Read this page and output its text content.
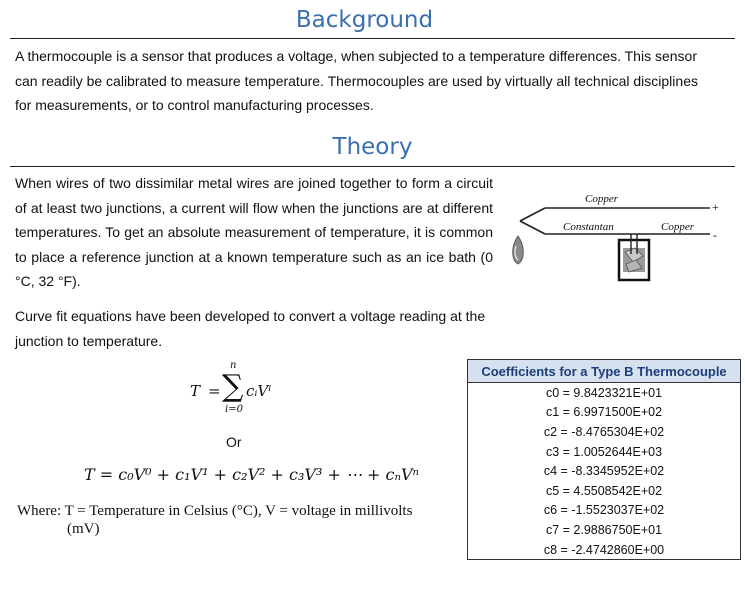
Background
A thermocouple is a sensor that produces a voltage, when subjected to a temperature differences. This sensor
can readily be calibrated to measure temperature. Thermocouples are used by virtually all technical disciplines
for measurements, or to control manufacturing processes.
Theory

When wires of two dissimilar metal wires are joined together to form a circuit of at least two junctions, a current will flow when the junctions are at different temperatures. To get an absolute measurement of temperature, it is common to place a reference junction at a known temperature such as an ice bath (0 °C, 32 °F).

Curve fit equations have been developed to convert a voltage reading at the junction to temperature.

T =
n
∑
i=0
cᵢVⁱ
Or
T = c₀V⁰ + c₁V¹ + c₂V² + c₃V³ + ⋯ + cₙVⁿ
Where: T = Temperature in Celsius (°C), V = voltage in millivolts
(mV)
Copper
Constantan	Copper
+
-
Coefficients for a Type B Thermocouple
c0 = 9.8423321E+01
c1 = 6.9971500E+02
c2 = -8.4765304E+02
c3 = 1.0052644E+03
c4 = -8.3345952E+02
c5 = 4.5508542E+02
c6 = -1.5523037E+02
c7 = 2.9886750E+01
c8 = -2.4742860E+00
